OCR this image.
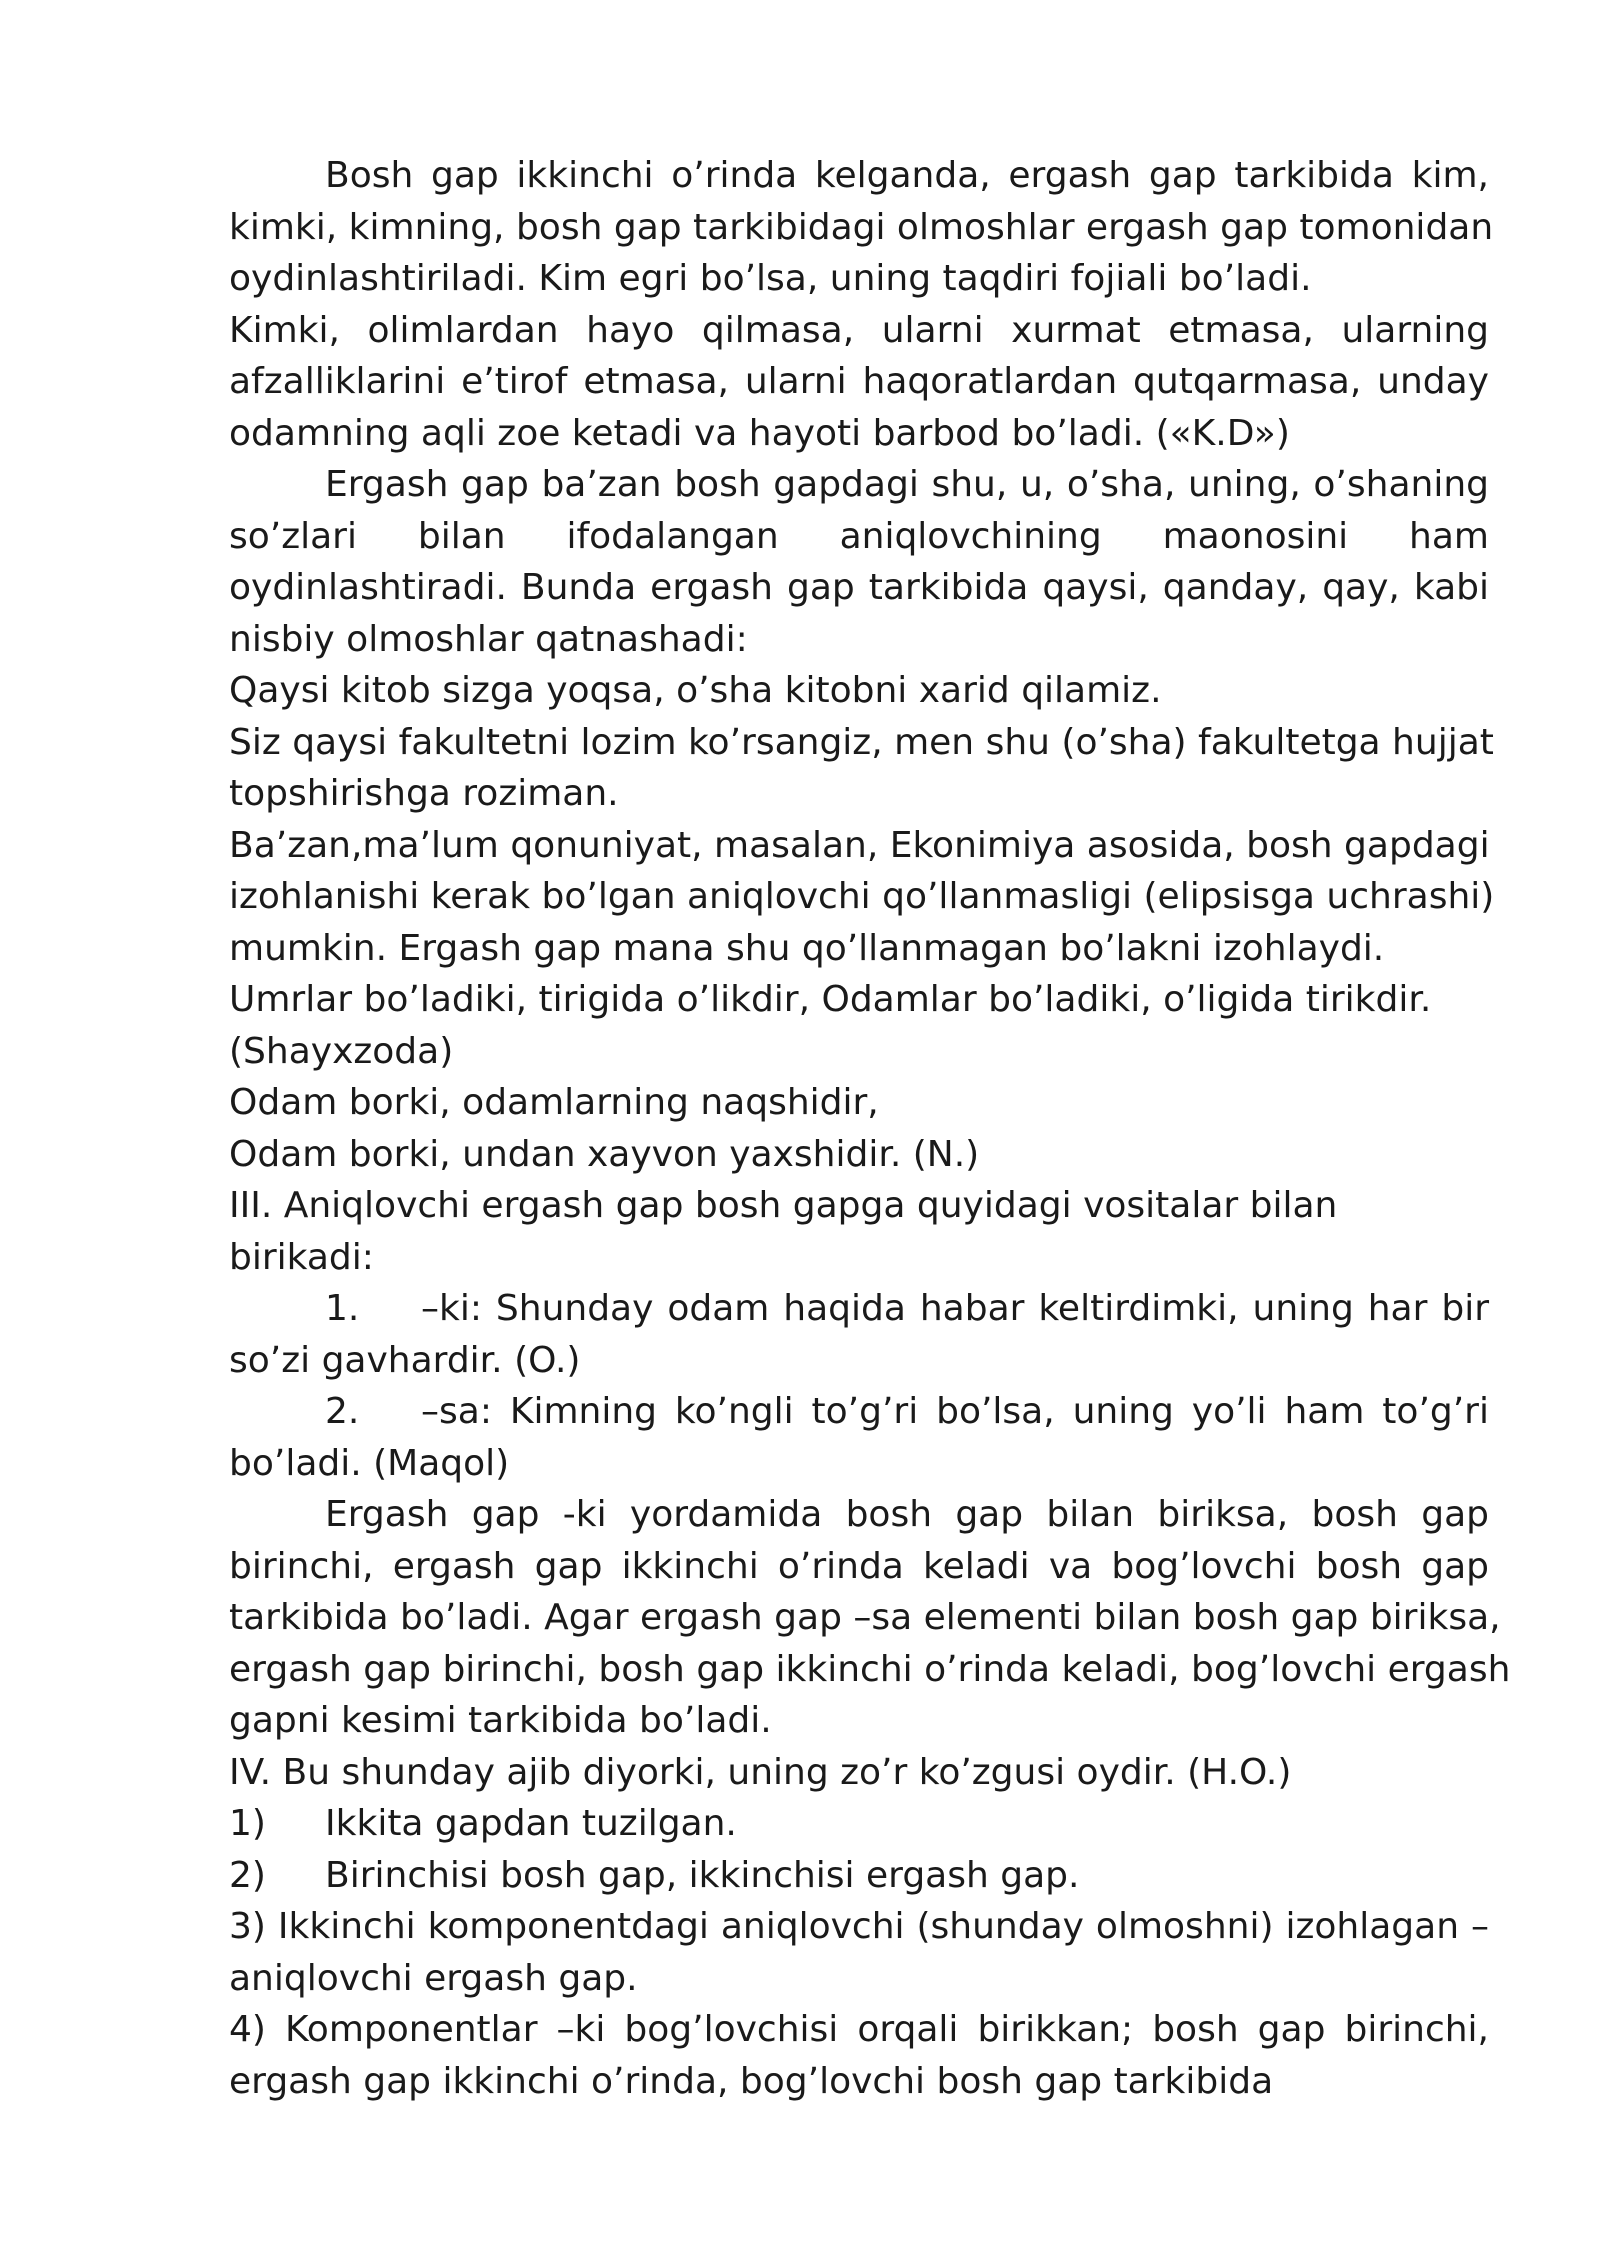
Bosh gap ikkinchi o’rinda kelganda, ergash gap tarkibida kim,
kimki, kimning, bosh gap tarkibidagi olmoshlar ergash gap tomonidan
oydinlashtiriladi. Kim egri bo’lsa, uning taqdiri fojiali bo’ladi.
Kimki, olimlardan hayo qilmasa, ularni xurmat etmasa, ularning
afzalliklarini e’tirof etmasa, ularni haqoratlardan qutqarmasa, unday
odamning aqli zoe ketadi va hayoti barbod bo’ladi. («K.D»)
Ergash gap ba’zan bosh gapdagi shu, u, o’sha, uning, o’shaning
so’zlari bilan ifodalangan aniqlovchining maonosini ham
oydinlashtiradi. Bunda ergash gap tarkibida qaysi, qanday, qay, kabi
nisbiy olmoshlar qatnashadi:
Qaysi kitob sizga yoqsa, o’sha kitobni xarid qilamiz.
Siz qaysi fakultetni lozim ko’rsangiz, men shu (o’sha) fakultetga hujjat
topshirishga roziman.
Ba’zan,ma’lum qonuniyat, masalan, Ekonimiya asosida, bosh gapdagi
izohlanishi kerak bo’lgan aniqlovchi qo’llanmasligi (elipsisga uchrashi)
mumkin. Ergash gap mana shu qo’llanmagan bo’lakni izohlaydi.
Umrlar bo’ladiki, tirigida o’likdir, Odamlar bo’ladiki, o’ligida tirikdir.
(Shayxzoda)
Odam borki, odamlarning naqshidir,
Odam borki, undan xayvon yaxshidir. (N.)
III. Aniqlovchi ergash gap bosh gapga quyidagi vositalar bilan
birikadi:
1. –ki: Shunday odam haqida habar keltirdimki, uning har bir
so’zi gavhardir. (O.)
2. –sa: Kimning ko’ngli to’g’ri bo’lsa, uning yo’li ham to’g’ri
bo’ladi. (Maqol)
Ergash gap -ki yordamida bosh gap bilan biriksa, bosh gap
birinchi, ergash gap ikkinchi o’rinda keladi va bog’lovchi bosh gap
tarkibida bo’ladi. Agar ergash gap –sa elementi bilan bosh gap biriksa,
ergash gap birinchi, bosh gap ikkinchi o’rinda keladi, bog’lovchi ergash
gapni kesimi tarkibida bo’ladi.
IV. Bu shunday ajib diyorki, uning zo’r ko’zgusi oydir. (H.O.)
1) Ikkita gapdan tuzilgan.
2) Birinchisi bosh gap, ikkinchisi ergash gap.
3) Ikkinchi komponentdagi aniqlovchi (shunday olmoshni) izohlagan –
aniqlovchi ergash gap.
4) Komponentlar –ki bog’lovchisi orqali birikkan; bosh gap birinchi,
ergash gap ikkinchi o’rinda, bog’lovchi bosh gap tarkibida
